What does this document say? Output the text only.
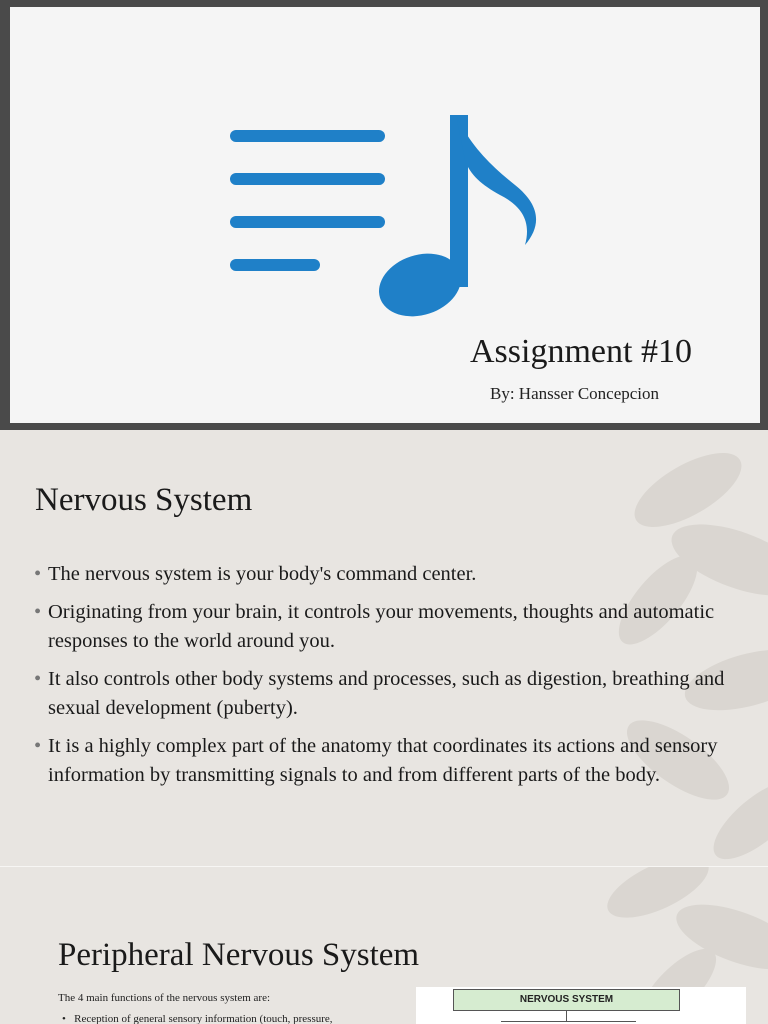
Assignment #10
By: Hansser Concepcion
Nervous System
• The nervous system is your body's command center.
• Originating from your brain, it controls your movements, thoughts and automatic responses to the world around you.
• It also controls other body systems and processes, such as digestion, breathing and sexual development (puberty).
• It is a highly complex part of the anatomy that coordinates its actions and sensory information by transmitting signals to and from different parts of the body.
Peripheral Nervous System
The 4 main functions of the nervous system are:
• Reception of general sensory information (touch, pressure,
NERVOUS SYSTEM
